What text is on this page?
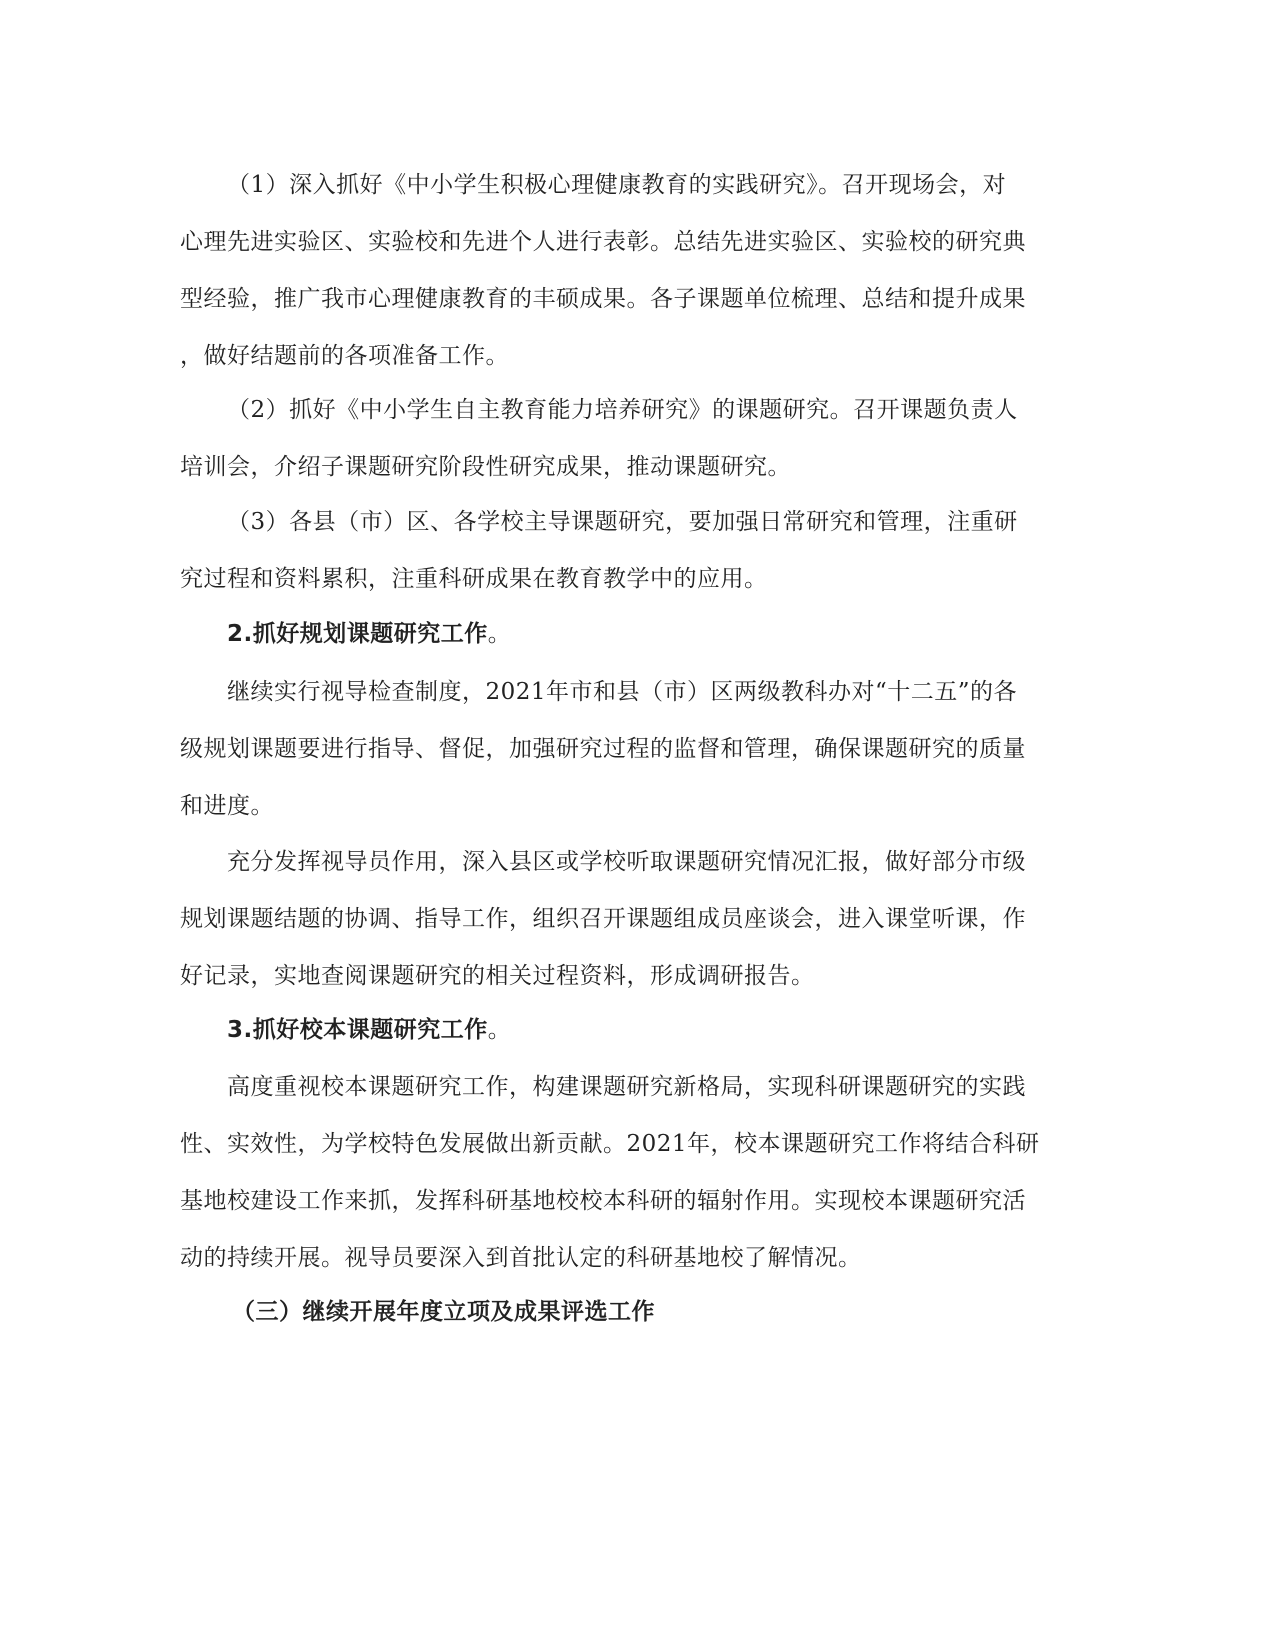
（1）深入抓好《中小学生积极心理健康教育的实践研究》。召开现场会，对
心理先进实验区、实验校和先进个人进行表彰。总结先进实验区、实验校的研究典
型经验，推广我市心理健康教育的丰硕成果。各子课题单位梳理、总结和提升成果
，做好结题前的各项准备工作。
（2）抓好《中小学生自主教育能力培养研究》的课题研究。召开课题负责人
培训会，介绍子课题研究阶段性研究成果，推动课题研究。
（3）各县（市）区、各学校主导课题研究，要加强日常研究和管理，注重研
究过程和资料累积，注重科研成果在教育教学中的应用。
2.抓好规划课题研究工作。
继续实行视导检查制度，2021年市和县（市）区两级教科办对“十二五”的各
级规划课题要进行指导、督促，加强研究过程的监督和管理，确保课题研究的质量
和进度。
充分发挥视导员作用，深入县区或学校听取课题研究情况汇报，做好部分市级
规划课题结题的协调、指导工作，组织召开课题组成员座谈会，进入课堂听课，作
好记录，实地查阅课题研究的相关过程资料，形成调研报告。
3.抓好校本课题研究工作。
高度重视校本课题研究工作，构建课题研究新格局，实现科研课题研究的实践
性、实效性，为学校特色发展做出新贡献。2021年，校本课题研究工作将结合科研
基地校建设工作来抓，发挥科研基地校校本科研的辐射作用。实现校本课题研究活
动的持续开展。视导员要深入到首批认定的科研基地校了解情况。
（三）继续开展年度立项及成果评选工作
